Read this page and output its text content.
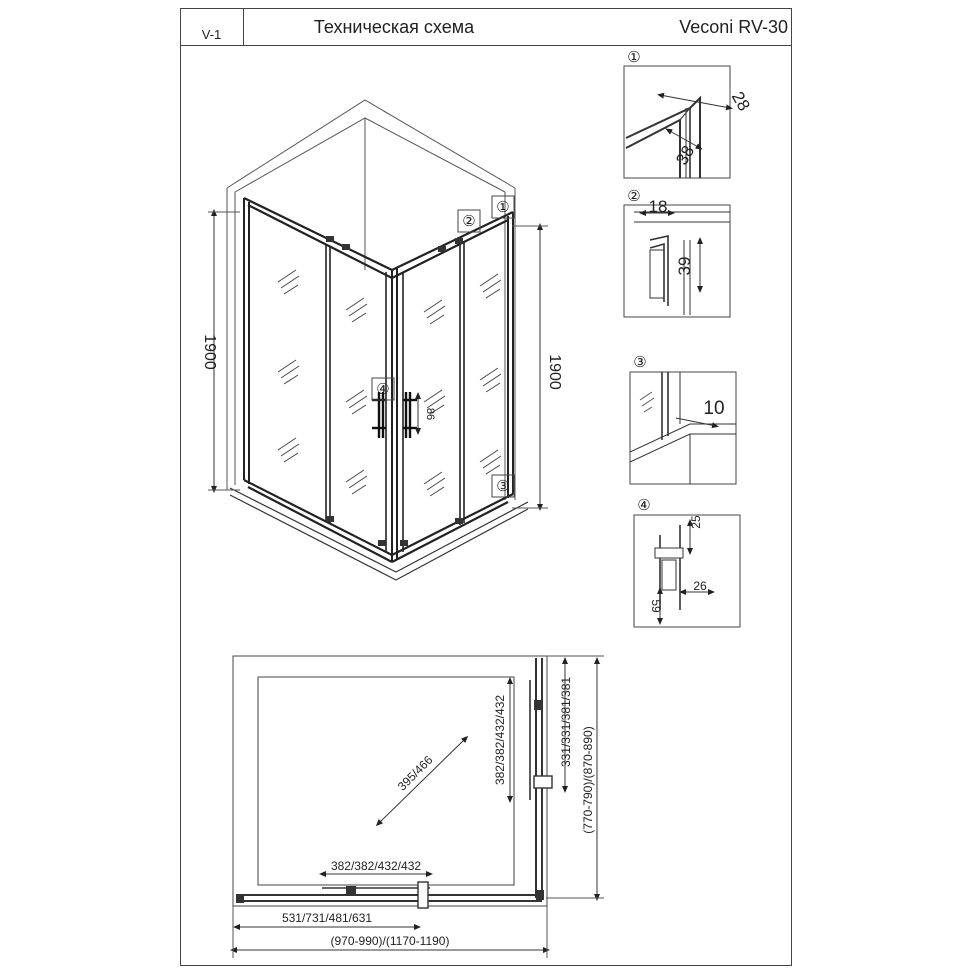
V-1	Техническая схема	Veconi RV-30
1900
1900
86
①
②
④
③
①
28
38
②
18
39
③
10
④
25
26
59
395/466	382/382/432/432	331/331/381/381
(770-790)/(870-890)
382/382/432/432
531/731/481/631
(970-990)/(1170-1190)
